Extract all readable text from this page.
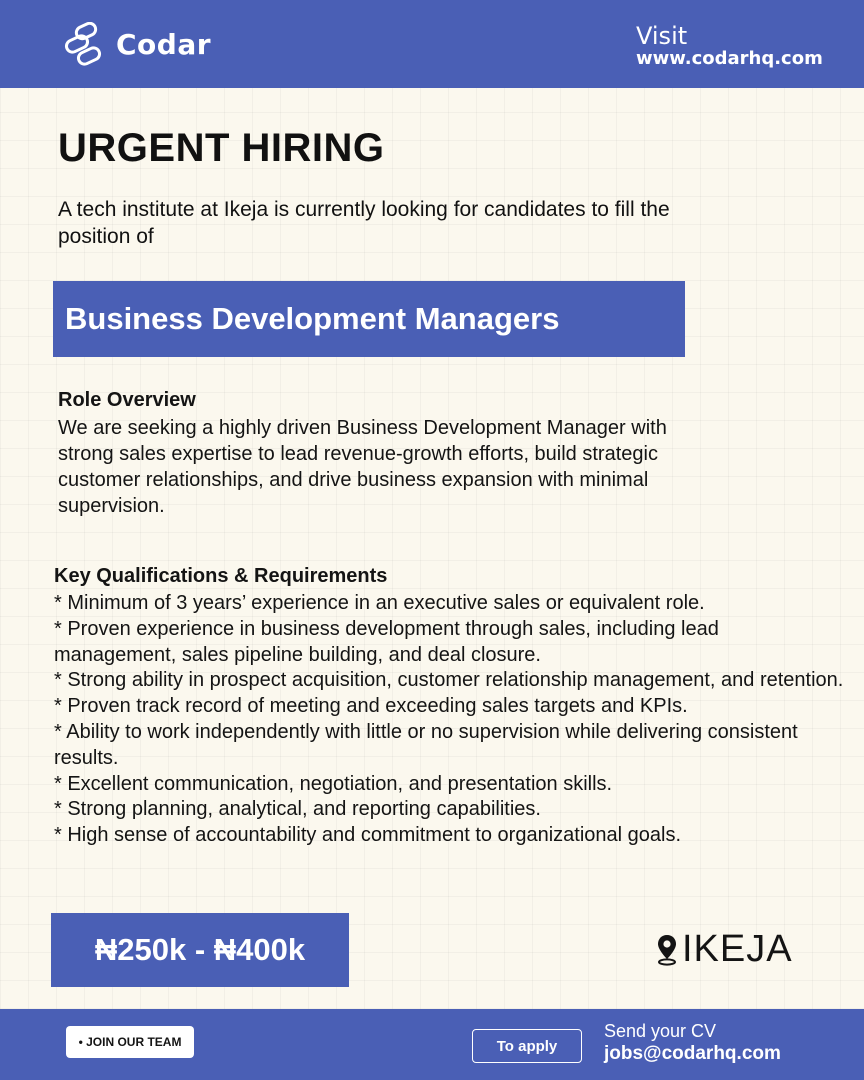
Codar	Visit
www.codarhq.com
URGENT HIRING

A tech institute at Ikeja is currently looking for candidates to fill the position of

Business Development Managers
Role Overview

We are seeking a highly driven Business Development Manager with strong sales expertise to lead revenue-growth efforts, build strategic customer relationships, and drive business expansion with minimal supervision.

Key Qualifications & Requirements
* Minimum of 3 years’ experience in an executive sales or equivalent role.
* Proven experience in business development through sales, including lead management, sales pipeline building, and deal closure.
* Strong ability in prospect acquisition, customer relationship management, and retention.
* Proven track record of meeting and exceeding sales targets and KPIs.
* Ability to work independently with little or no supervision while delivering consistent results.
* Excellent communication, negotiation, and presentation skills.
* Strong planning, analytical, and reporting capabilities.
* High sense of accountability and commitment to organizational goals.
₦250k - ₦400k	IKEJA
• JOIN OUR TEAM	To apply
Send your CV
jobs@codarhq.com
